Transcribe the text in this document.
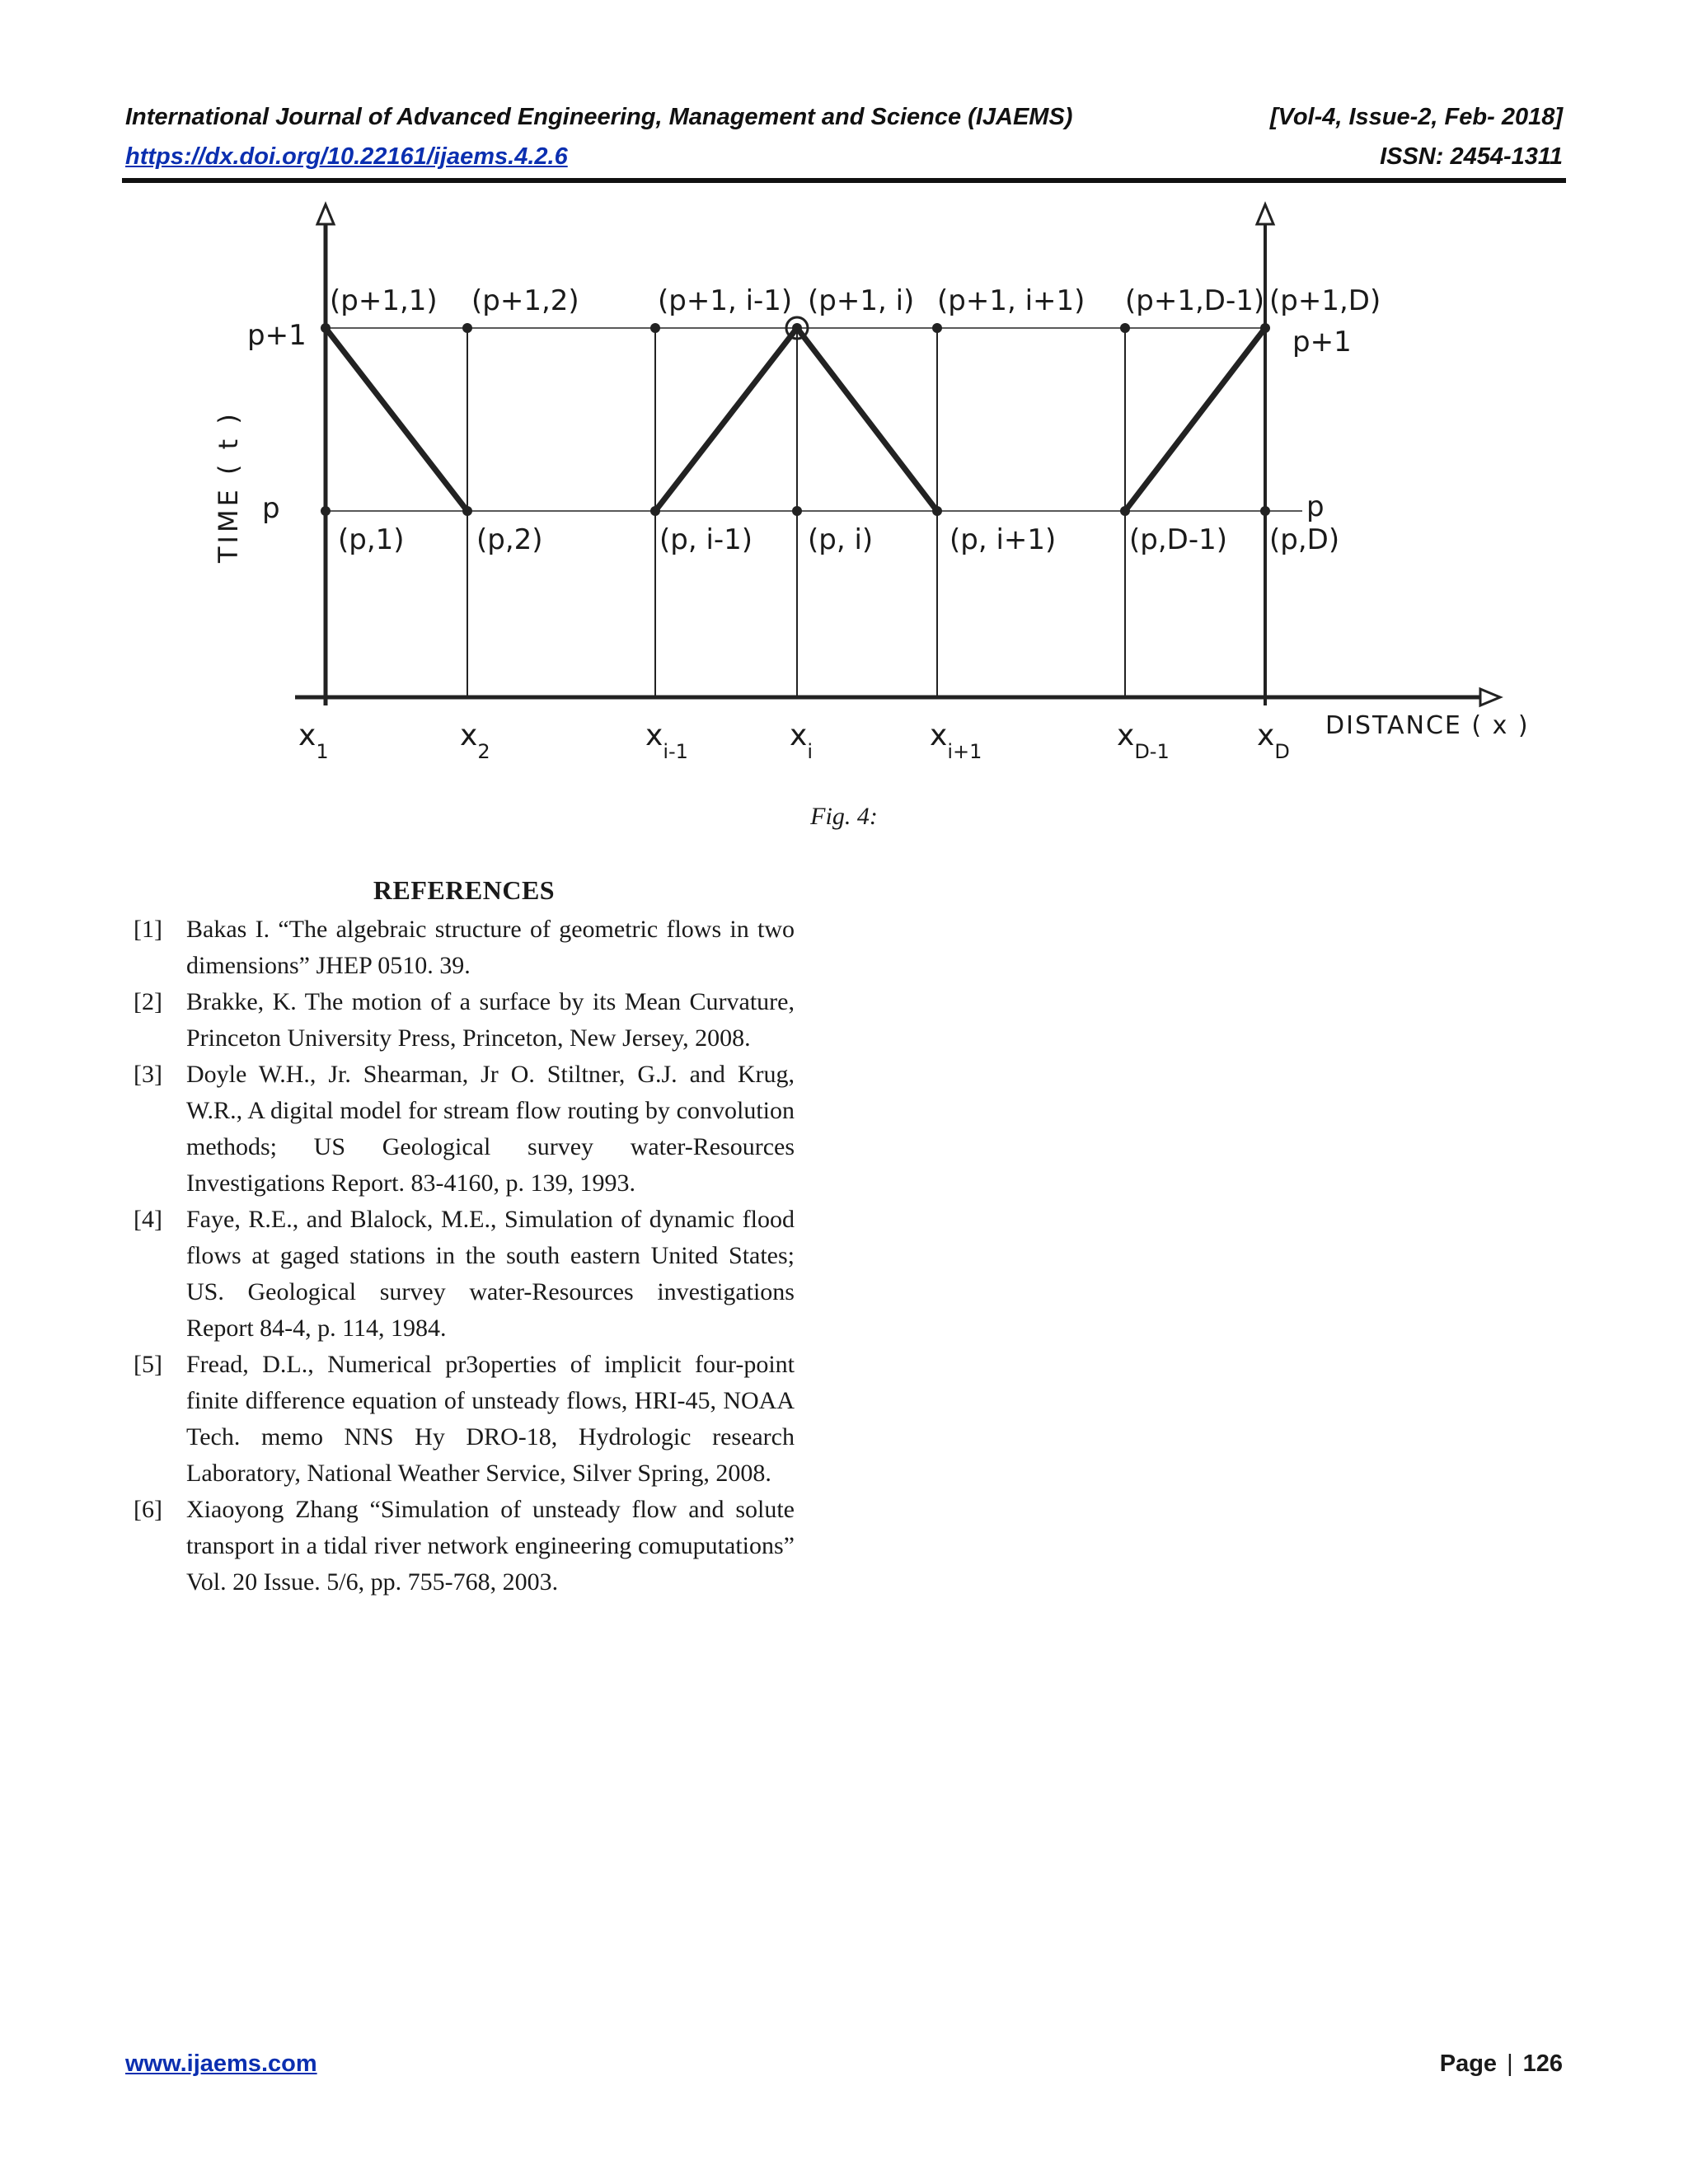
International Journal of Advanced Engineering, Management and Science (IJAEMS)	[Vol-4, Issue-2, Feb- 2018]
https://dx.doi.org/10.22161/ijaems.4.2.6	ISSN: 2454-1311
(p+1,1) (p+1,2)	(p+1, i-1) (p+1, i) (p+1, i+1) (p+1,D-1) (p+1,D)
(p,1)	(p,2)	(p, i-1) (p, i)	(p, i+1)	(p,D-1) (p,D)
p+1
p
p+1
p
TIME ( t )
DISTANCE ( x )
$x_1$	$x_2$	$x_{i-1}$	$x_i$	$x_{i+1}$	$x_{D-1}$	$x_D$
Fig. 4:
REFERENCES
[1] Bakas I. “The algebraic structure of geometric flows in two dimensions” JHEP 0510. 39.
[2] Brakke, K. The motion of a surface by its Mean Curvature, Princeton University Press, Princeton, New Jersey, 2008.
[3] Doyle W.H., Jr. Shearman, Jr O. Stiltner, G.J. and Krug, W.R., A digital model for stream flow routing by convolution methods; US Geological survey water-Resources Investigations Report. 83-4160, p. 139, 1993.
[4] Faye, R.E., and Blalock, M.E., Simulation of dynamic flood flows at gaged stations in the south eastern United States; US. Geological survey water-Resources investigations Report 84-4, p. 114, 1984.
[5] Fread, D.L., Numerical pr3operties of implicit four-point finite difference equation of unsteady flows, HRI-45, NOAA Tech. memo NNS Hy DRO-18, Hydrologic research Laboratory, National Weather Service, Silver Spring, 2008.
[6] Xiaoyong Zhang “Simulation of unsteady flow and solute transport in a tidal river network engineering comuputations” Vol. 20 Issue. 5/6, pp. 755-768, 2003.
www.ijaems.com	Page | 126
